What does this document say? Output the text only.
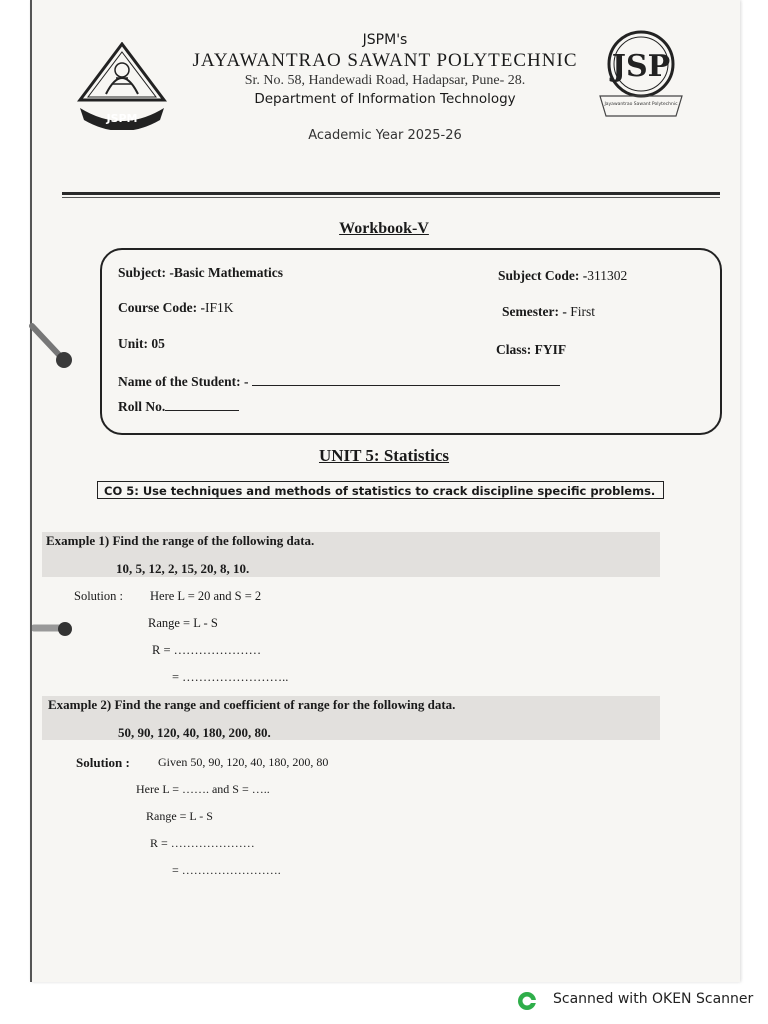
JSPM
JSP
Jayawantrao Sawant Polytechnic
JSPM's
JAYAWANTRAO SAWANT POLYTECHNIC
Sr. No. 58, Handewadi Road, Hadapsar, Pune- 28.
Department of Information Technology
Academic Year 2025-26
Workbook-V
Subject: -Basic Mathematics	Subject Code: -311302
Course Code: -IF1K	Semester: - First
Unit: 05	Class: FYIF
Name of the Student: -
Roll No.
UNIT 5: Statistics
CO 5: Use techniques and methods of statistics to crack discipline specific problems.
Example 1) Find the range of the following data.
10, 5, 12, 2, 15, 20, 8, 10.
Solution : Here L = 20 and S = 2
Range = L - S
R = …………………
= ……………………..
Example 2) Find the range and coefficient of range for the following data.
50, 90, 120, 40, 180, 200, 80.
Solution : Given 50, 90, 120, 40, 180, 200, 80
Here L = ……. and S = …..
Range = L - S
R = …………………
= …………………….
Scanned with OKEN Scanner
